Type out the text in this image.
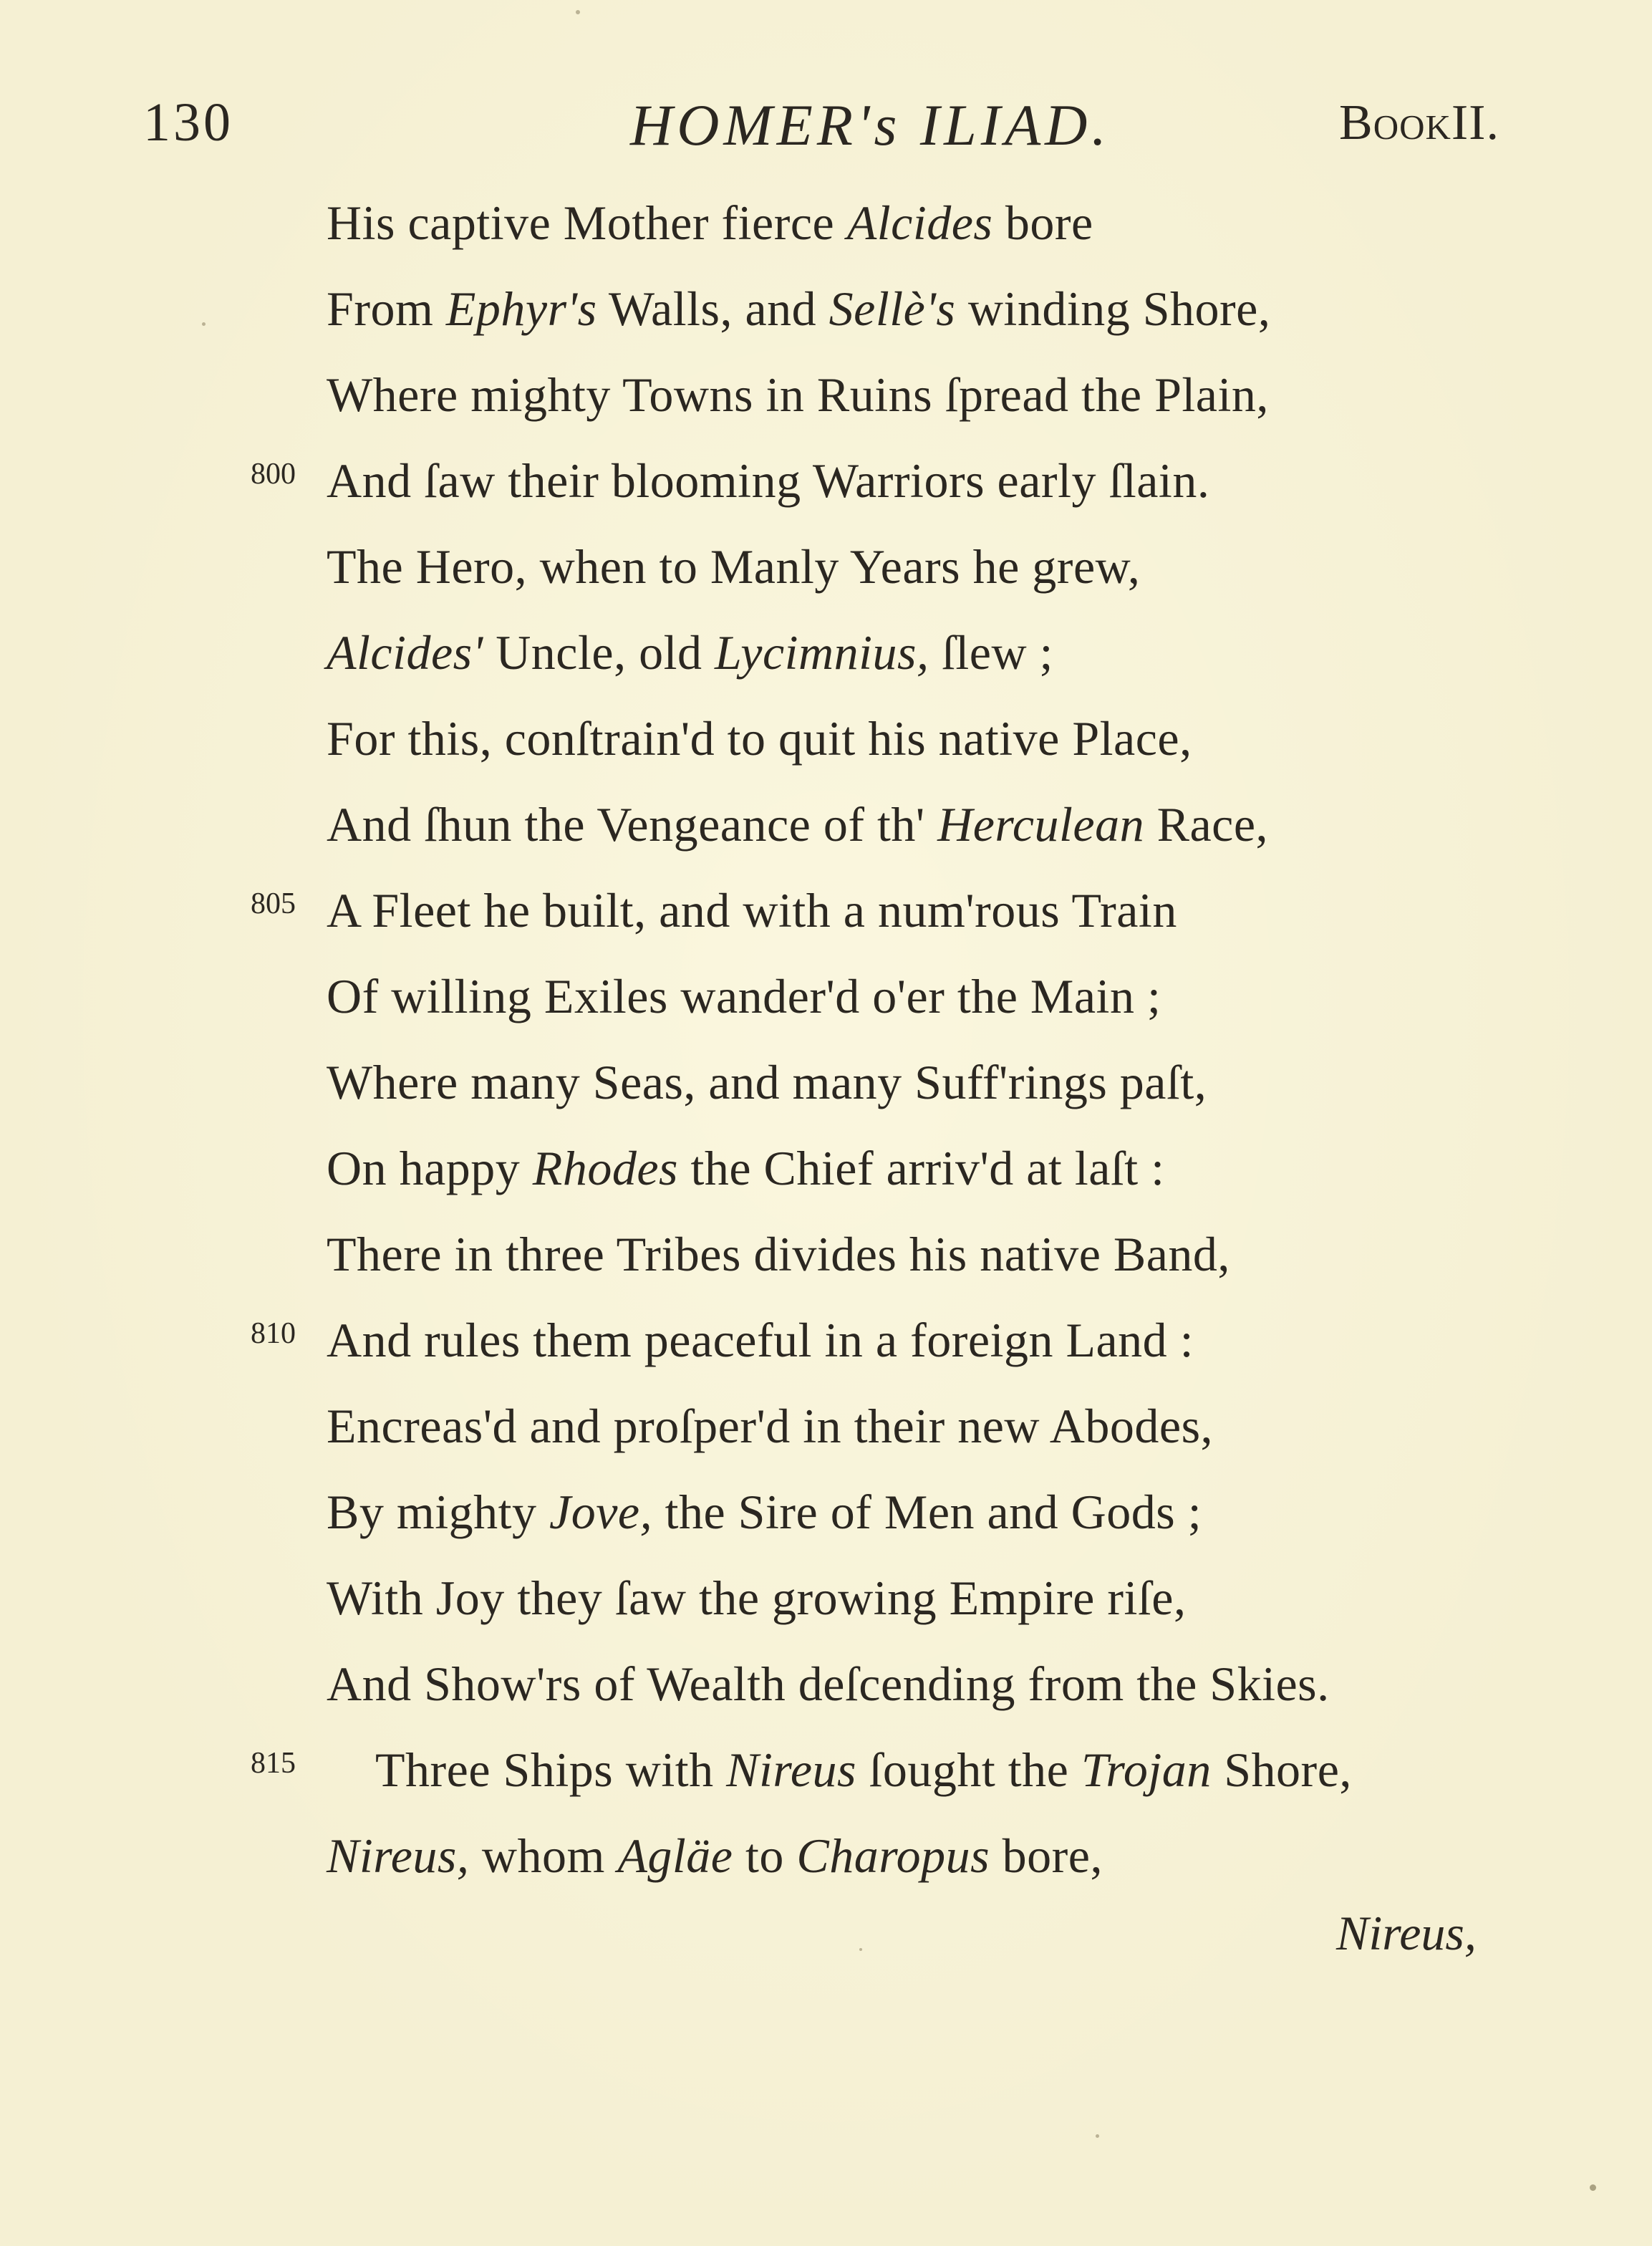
130	HOMER's ILIAD.	BookII.
His captive Mother fierce Alcides bore
From Ephyr's Walls, and Sellè's winding Shore,
Where mighty Towns in Ruins ſpread the Plain,
And ſaw their blooming Warriors early ſlain.
800
The Hero, when to Manly Years he grew,
Alcides' Uncle, old Lycimnius, ſlew ;
For this, conſtrain'd to quit his native Place,
And ſhun the Vengeance of th' Herculean Race,
A Fleet he built, and with a num'rous Train
805
Of willing Exiles wander'd o'er the Main ;
Where many Seas, and many Suff'rings paſt,
On happy Rhodes the Chief arriv'd at laſt :
There in three Tribes divides his native Band,
And rules them peaceful in a foreign Land :
810
Encreas'd and proſper'd in their new Abodes,
By mighty Jove, the Sire of Men and Gods ;
With Joy they ſaw the growing Empire riſe,
And Show'rs of Wealth deſcending from the Skies.
Three Ships with Nireus ſought the Trojan Shore,
815
Nireus, whom Agläe to Charopus bore,
Nireus,
